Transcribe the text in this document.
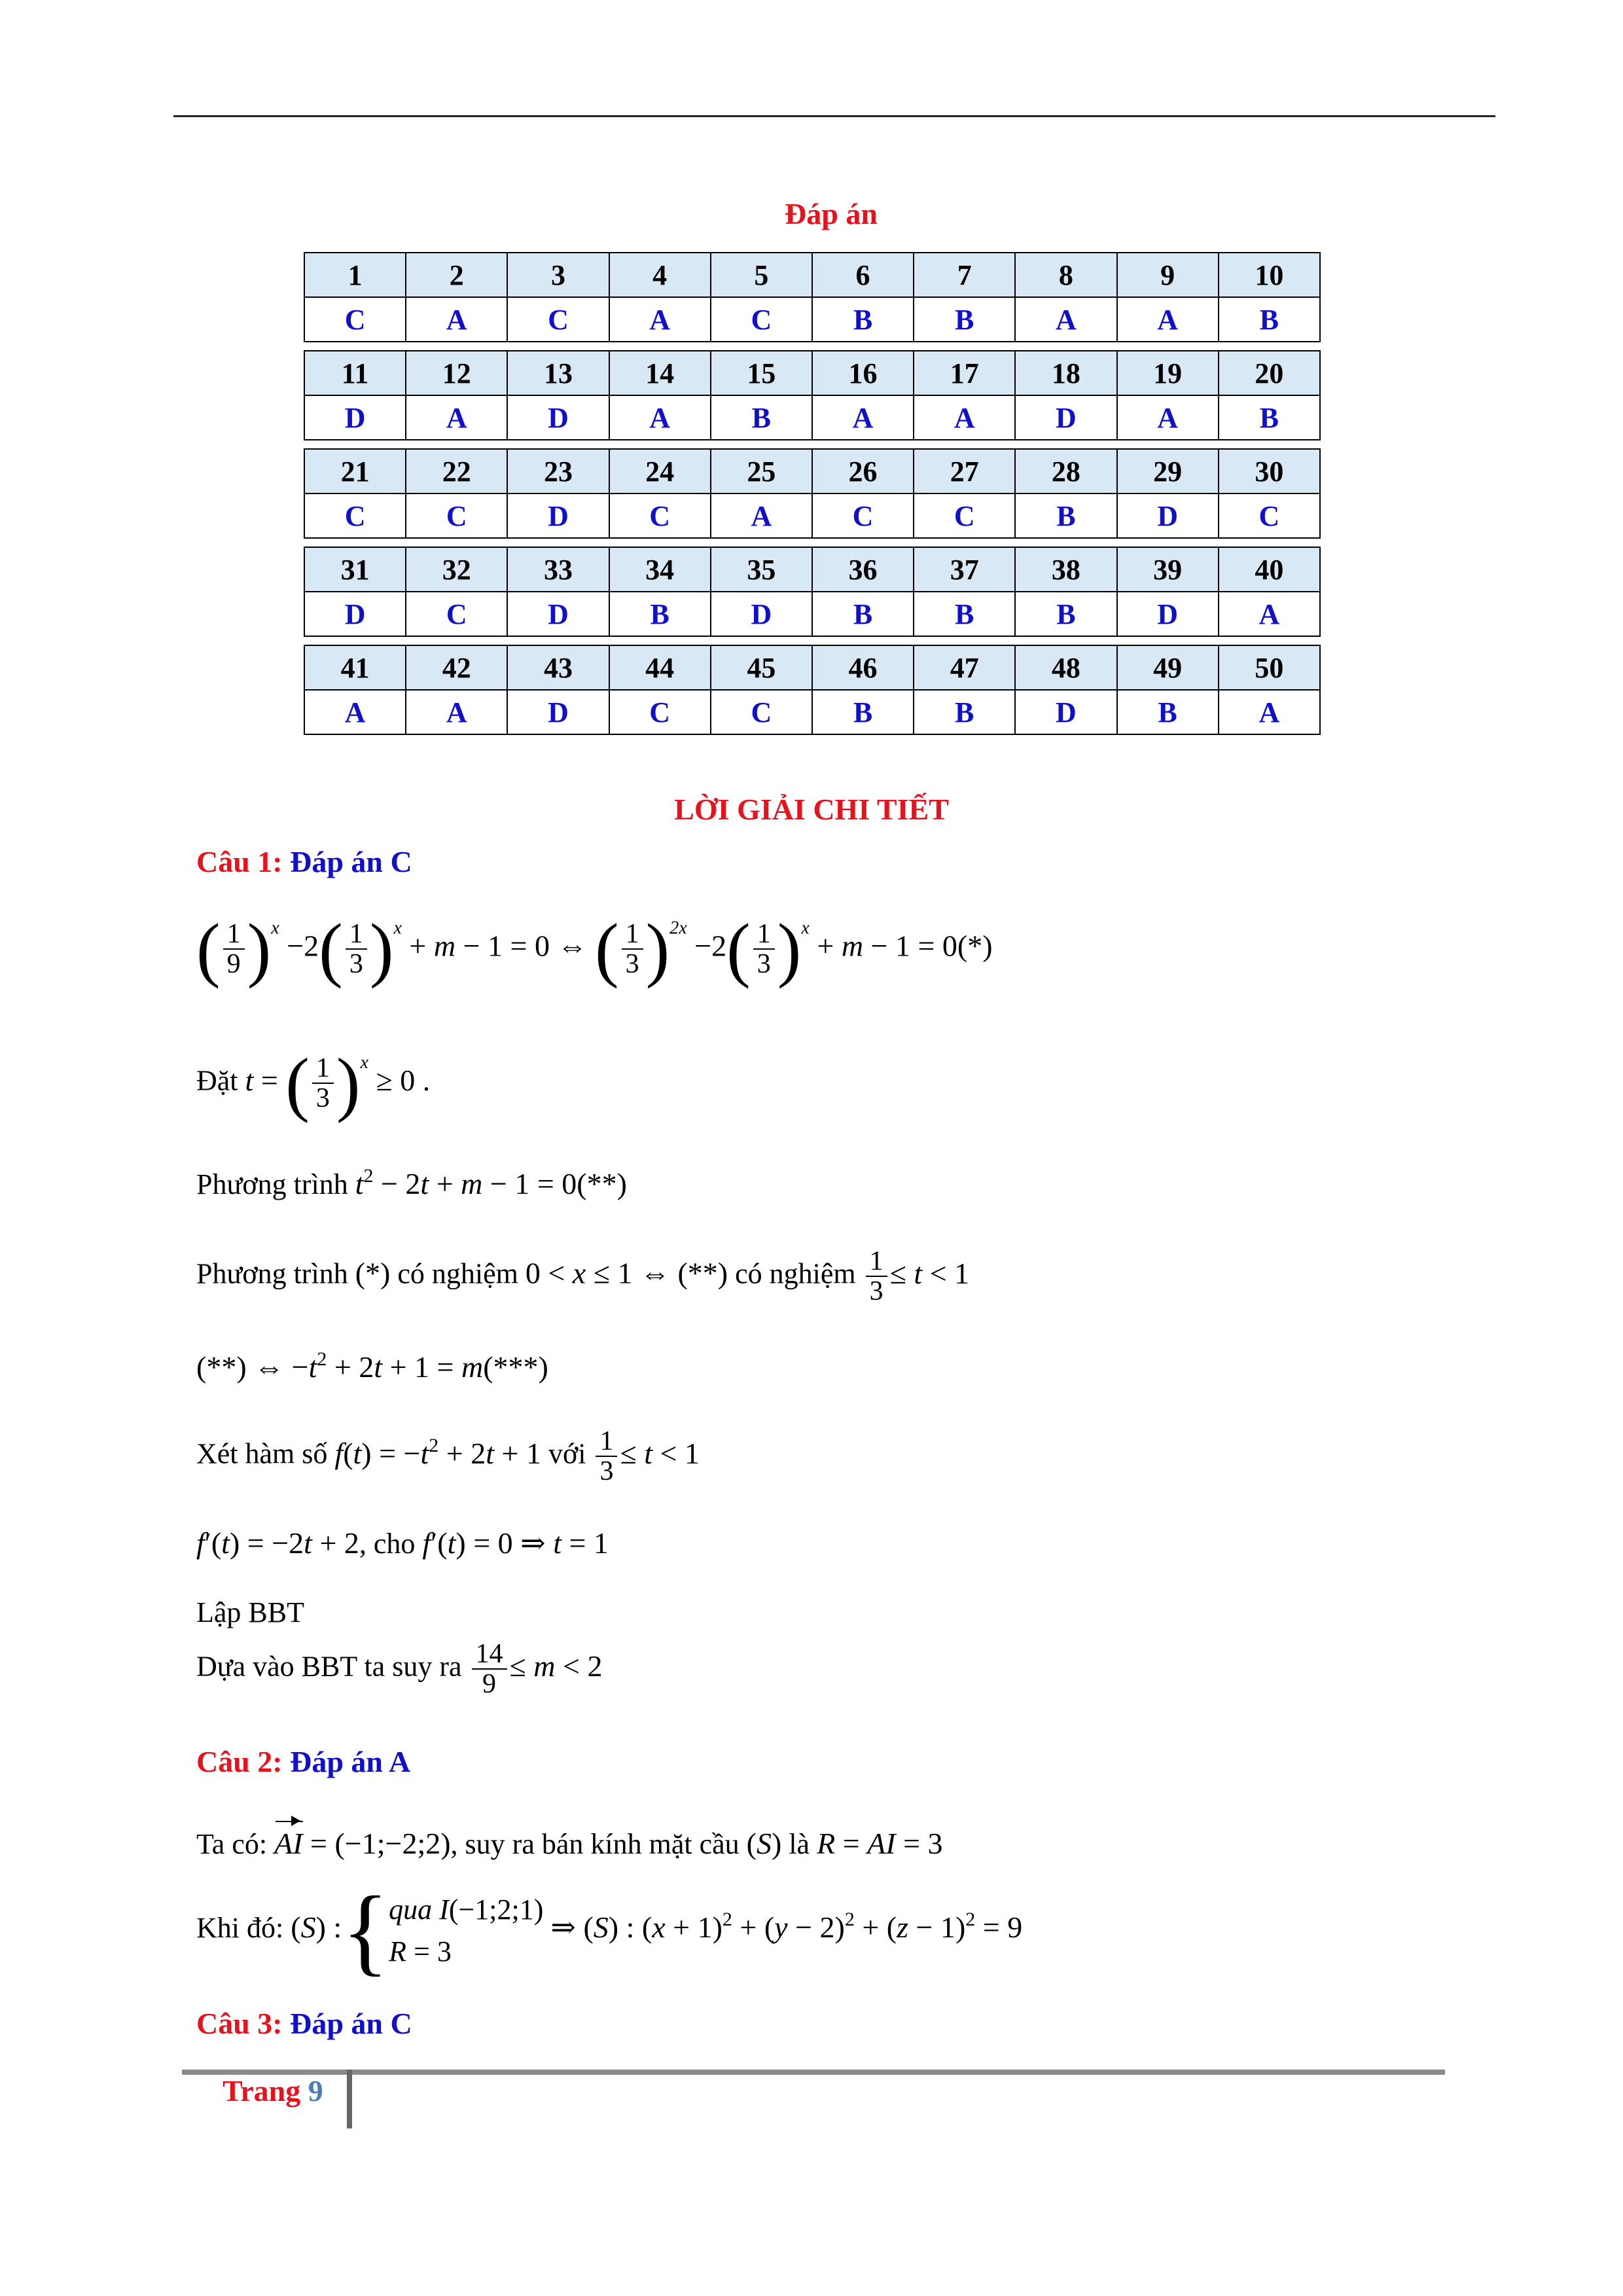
Đáp án
1	2	3	4	5	6	7	8	9	10
C	A	C	A	C	B	B	A	A	B
11	12	13	14	15	16	17	18	19	20
D	A	D	A	B	A	A	D	A	B
21	22	23	24	25	26	27	28	29	30
C	C	D	C	A	C	C	B	D	C
31	32	33	34	35	36	37	38	39	40
D	C	D	B	D	B	B	B	D	A
41	42	43	44	45	46	47	48	49	50
A	A	D	C	C	B	B	D	B	A
LỜI GIẢI CHI TIẾT
Câu 1: Đáp án C
( $\frac{1}{9} )^x -2( \frac{1}{3} )^x + m - 1 = 0$ ⇔ ( $\frac{1}{3} )^{2x} -2( \frac{1}{3} )^x + m - 1 = 0(*)$
Đặt t = ( $\frac{1}{3} )^x \ge 0$ .
Phương trình $t^2 - 2t + m - 1 = 0(**)$
Phương trình (*) có nghiệm 0 < x ≤ 1 ⇔ (**) có nghiệm $\frac{1}{3} \le t < 1$
(**) ⇔ $-t^2 + 2t + 1 = m(***)$
Xét hàm số $f(t) = -t^2 + 2t + 1$ với $\frac{1}{3} \le t < 1$
f′(t) = −2t + 2, cho f′(t) = 0 ⇒ t = 1
Lập BBT
Dựa vào BBT ta suy ra $\frac{14}{9} \le m < 2$
Câu 2: Đáp án A
Ta có: AI = (−1;−2;2), suy ra bán kính mặt cầu (S) là R = AI = 3
Khi đó: (S) :{qua I(−1;2;1)
R = 3 ⇒ (S) : $(x + 1)^2 + (y - 2)^2 + (z - 1)^2 = 9$
Câu 3: Đáp án C
Trang 9
